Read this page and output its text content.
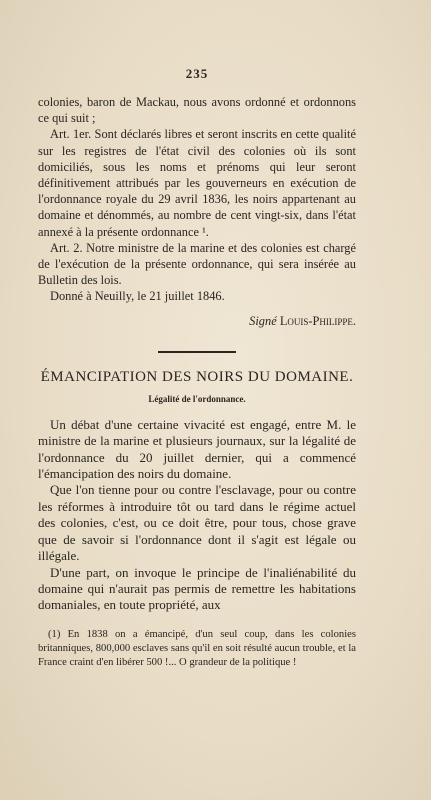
235

colonies, baron de Mackau, nous avons ordonné et ordonnons ce qui suit ;

Art. 1er. Sont déclarés libres et seront inscrits en cette qualité sur les registres de l'état civil des colonies où ils sont domiciliés, sous les noms et prénoms qui leur seront définitivement attribués par les gouverneurs en exécution de l'ordonnance royale du 29 avril 1836, les noirs appartenant au domaine et dénommés, au nombre de cent vingt-six, dans l'état annexé à la présente ordonnance ¹.

Art. 2. Notre ministre de la marine et des colonies est chargé de l'exécution de la présente ordonnance, qui sera insérée au Bulletin des lois.

Donné à Neuilly, le 21 juillet 1846.

Signé Louis-Philippe.
ÉMANCIPATION DES NOIRS DU DOMAINE.
Légalité de l'ordonnance.

Un débat d'une certaine vivacité est engagé, entre M. le ministre de la marine et plusieurs journaux, sur la légalité de l'ordonnance du 20 juillet dernier, qui a commencé l'émancipation des noirs du domaine.

Que l'on tienne pour ou contre l'esclavage, pour ou contre les réformes à introduire tôt ou tard dans le régime actuel des colonies, c'est, ou ce doit être, pour tous, chose grave que de savoir si l'ordonnance dont il s'agit est légale ou illégale.

D'une part, on invoque le principe de l'inaliénabilité du domaine qui n'aurait pas permis de remettre les habitations domaniales, en toute propriété, aux

(1) En 1838 on a émancipé, d'un seul coup, dans les colonies britanniques, 800,000 esclaves sans qu'il en soit résulté aucun trouble, et la France craint d'en libérer 500 !... O grandeur de la politique !
